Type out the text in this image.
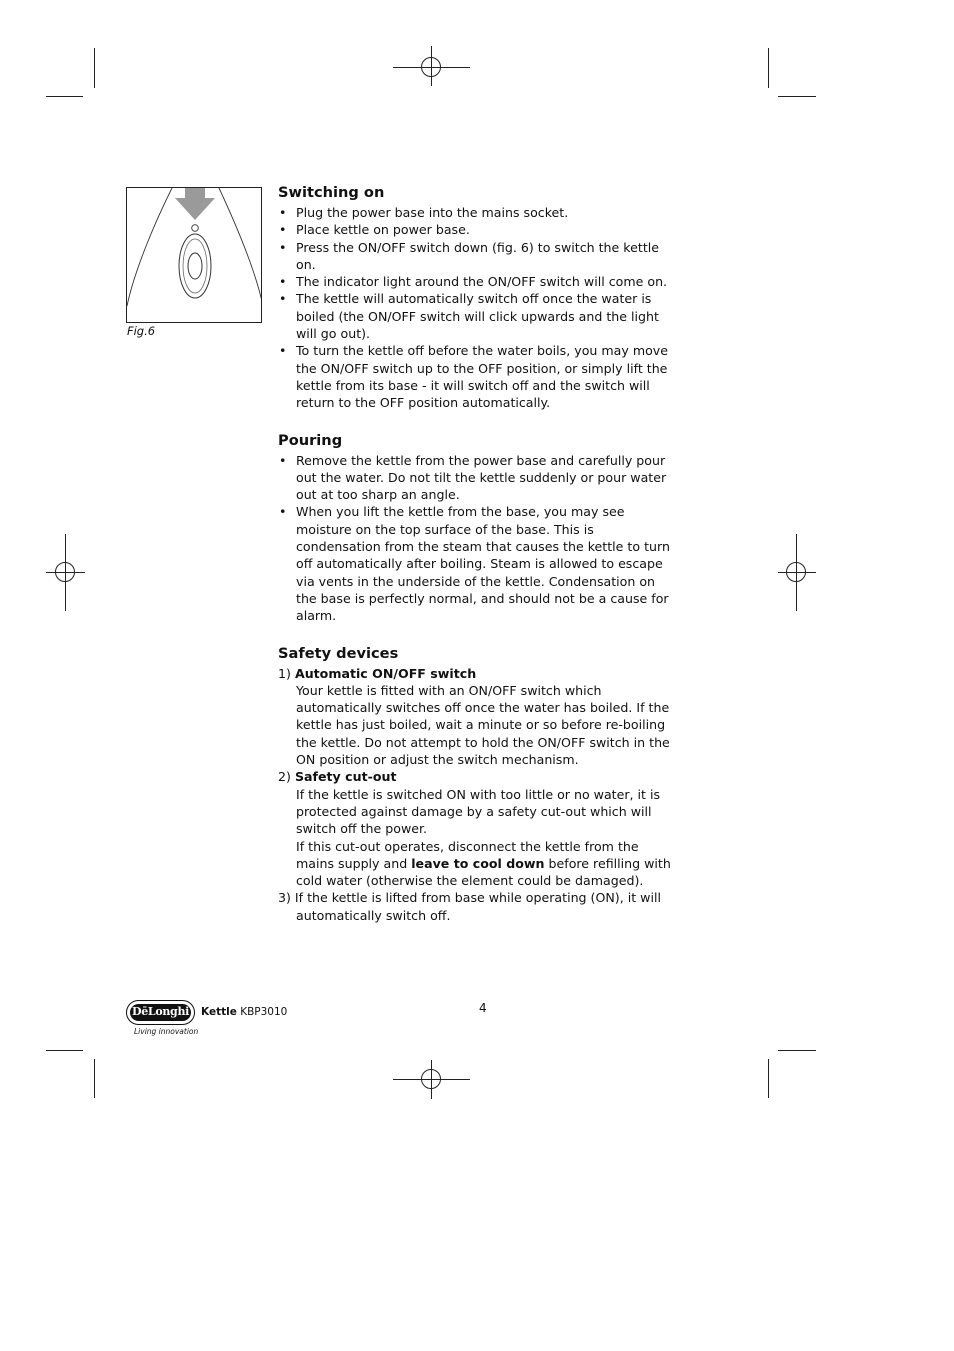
Fig.6
Switching on
• Plug the power base into the mains socket.
• Place kettle on power base.
• Press the ON/OFF switch down (fig. 6) to switch the kettle on.
• The indicator light around the ON/OFF switch will come on.
• The kettle will automatically switch off once the water is boiled (the ON/OFF switch will click upwards and the light will go out).
• To turn the kettle off before the water boils, you may move the ON/OFF switch up to the OFF position, or simply lift the kettle from its base - it will switch off and the switch will return to the OFF position automatically.
Pouring
• Remove the kettle from the power base and carefully pour out the water. Do not tilt the kettle suddenly or pour water out at too sharp an angle.
• When you lift the kettle from the base, you may see moisture on the top surface of the base. This is condensation from the steam that causes the kettle to turn off automatically after boiling. Steam is allowed to escape via vents in the underside of the kettle. Condensation on the base is perfectly normal, and should not be a cause for alarm.
Safety devices
1) Automatic ON/OFF switch
Your kettle is fitted with an ON/OFF switch which automatically switches off once the water has boiled. If the kettle has just boiled, wait a minute or so before re-boiling the kettle. Do not attempt to hold the ON/OFF switch in the ON position or adjust the switch mechanism.
2) Safety cut-out
If the kettle is switched ON with too little or no water, it is protected against damage by a safety cut-out which will switch off the power.
If this cut-out operates, disconnect the kettle from the mains supply and leave to cool down before refilling with cold water (otherwise the element could be damaged).
3) If the kettle is lifted from base while operating (ON), it will automatically switch off.
DēLonghi
Living innovation
Kettle KBP3010	4
